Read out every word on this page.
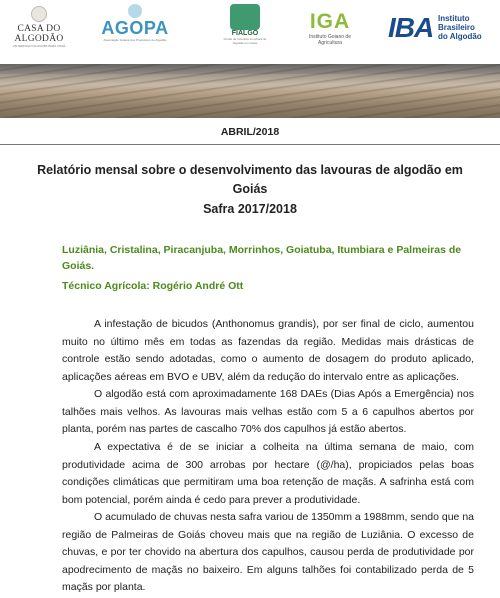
CASA DO ALGODÃO
UM SERVIÇO DA AGOPA PARA VOCÊ
AGOPA
Associação Goiana dos Produtores de Algodão
FIALGO
Fundo de Incentivo à Cultura do Algodão em Goiás
IGA
Instituto Goiano de Agricultura	IBA Instituto
Brasileiro
do Algodão
ABRIL/2018
Relatório mensal sobre o desenvolvimento das lavouras de algodão em
Goiás
Safra 2017/2018
Luziânia, Cristalina, Piracanjuba, Morrinhos, Goiatuba, Itumbiara e Palmeiras de Goiás.
Técnico Agrícola: Rogério André Ott

A infestação de bicudos (Anthonomus grandis), por ser final de ciclo, aumentou muito no último mês em todas as fazendas da região. Medidas mais drásticas de controle estão sendo adotadas, como o aumento de dosagem do produto aplicado, aplicações aéreas em BVO e UBV, além da redução do intervalo entre as aplicações.

O algodão está com aproximadamente 168 DAEs (Dias Após a Emergência) nos talhões mais velhos. As lavouras mais velhas estão com 5 a 6 capulhos abertos por planta, porém nas partes de cascalho 70% dos capulhos já estão abertos.

A expectativa é de se iniciar a colheita na última semana de maio, com produtividade acima de 300 arrobas por hectare (@/ha), propiciados pelas boas condições climáticas que permitiram uma boa retenção de maçãs. A safrinha está com bom potencial, porém ainda é cedo para prever a produtividade.

O acumulado de chuvas nesta safra variou de 1350mm a 1988mm, sendo que na região de Palmeiras de Goiás choveu mais que na região de Luziânia. O excesso de chuvas, e por ter chovido na abertura dos capulhos, causou perda de produtividade por apodrecimento de maçãs no baixeiro. Em alguns talhões foi contabilizado perda de 5 maçãs por planta.
